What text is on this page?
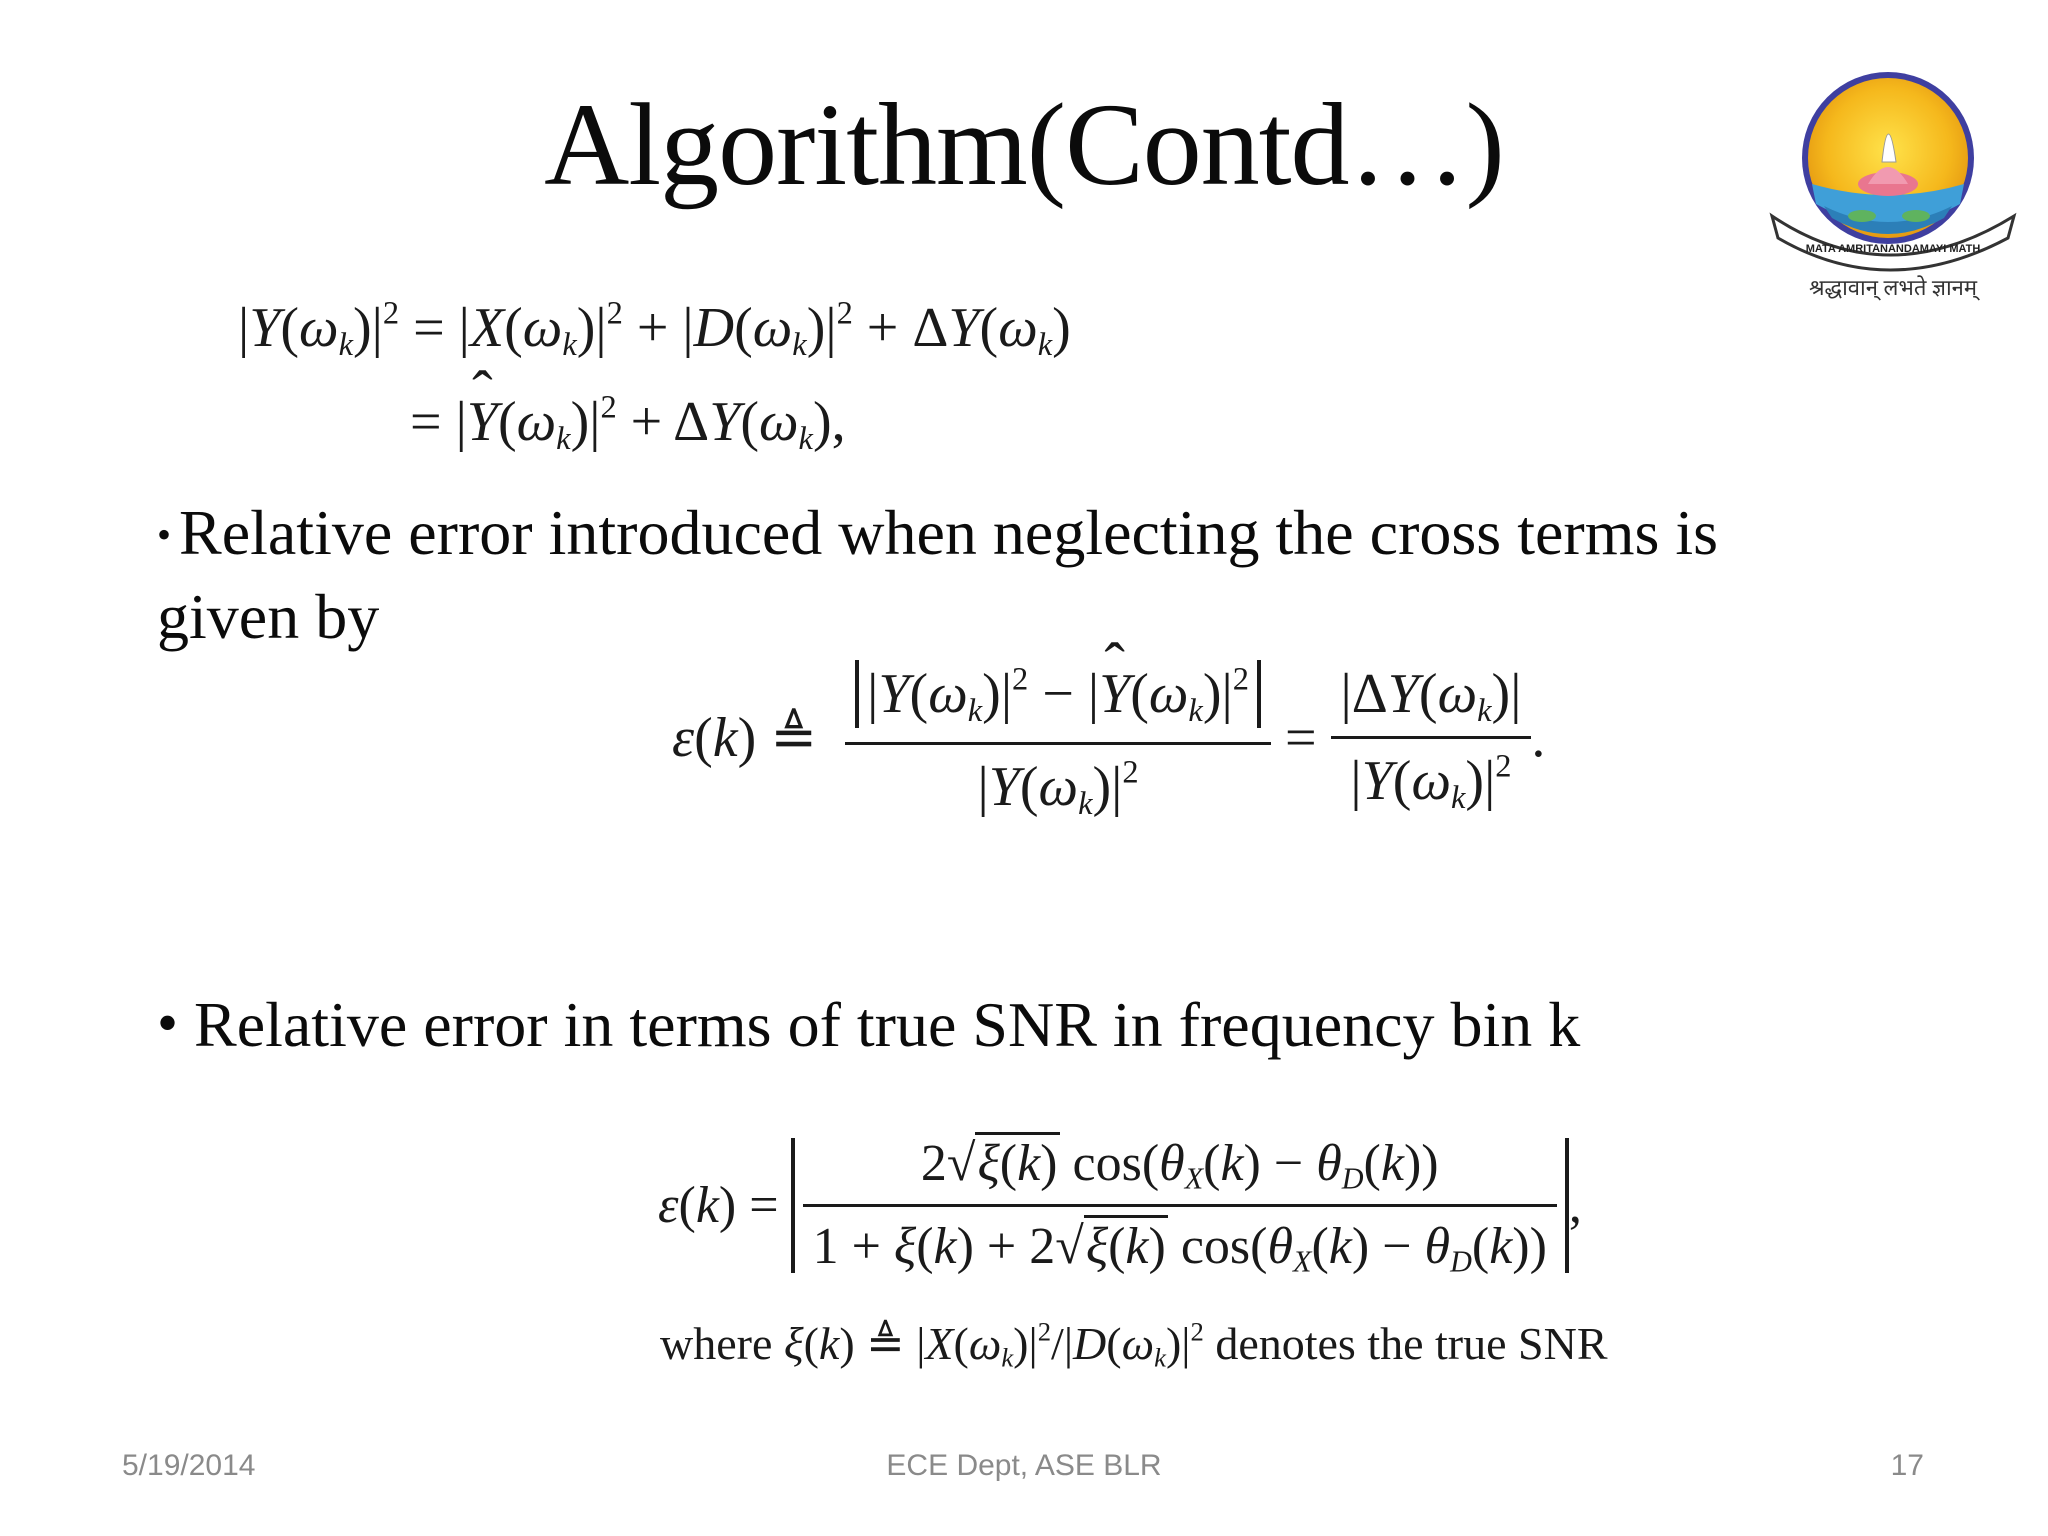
Algorithm(Contd…)
MATA AMRITANANDAMAYI MATH
श्रद्धावान् लभते ज्ञानम्
$|Y(\omega_k)|^2 = |X(\omega_k)|^2 + |D(\omega_k)|^2 + \Delta Y(\omega_k)$
= |ˆ $Y(\omega_k)|^2 + \Delta Y(\omega_k)$,
• Relative error introduced when neglecting the cross terms is given by
ε(k) ≜ $\frac{|Y(\omega_k)|^2 - |ˆ Y(\omega_k)|^2}{|Y(\omega_k)|^2} = \frac{|\Delta Y(\omega_k)|}{|Y(\omega_k)|^2}$ .
• Relative error in terms of true SNR in frequency bin k
$\varepsilon(k) = \frac{2√\xi(k) \cos(\theta_X(k) - \theta_D(k))}{1 + \xi(k) + 2√\xi(k) \cos(\theta_X(k) - \theta_D(k))}$ ,
where ξ(k) ≜ $|X(\omega_k)|^2/|D(\omega_k)|^2$ denotes the true SNR
5/19/2014	ECE Dept, ASE BLR	17
